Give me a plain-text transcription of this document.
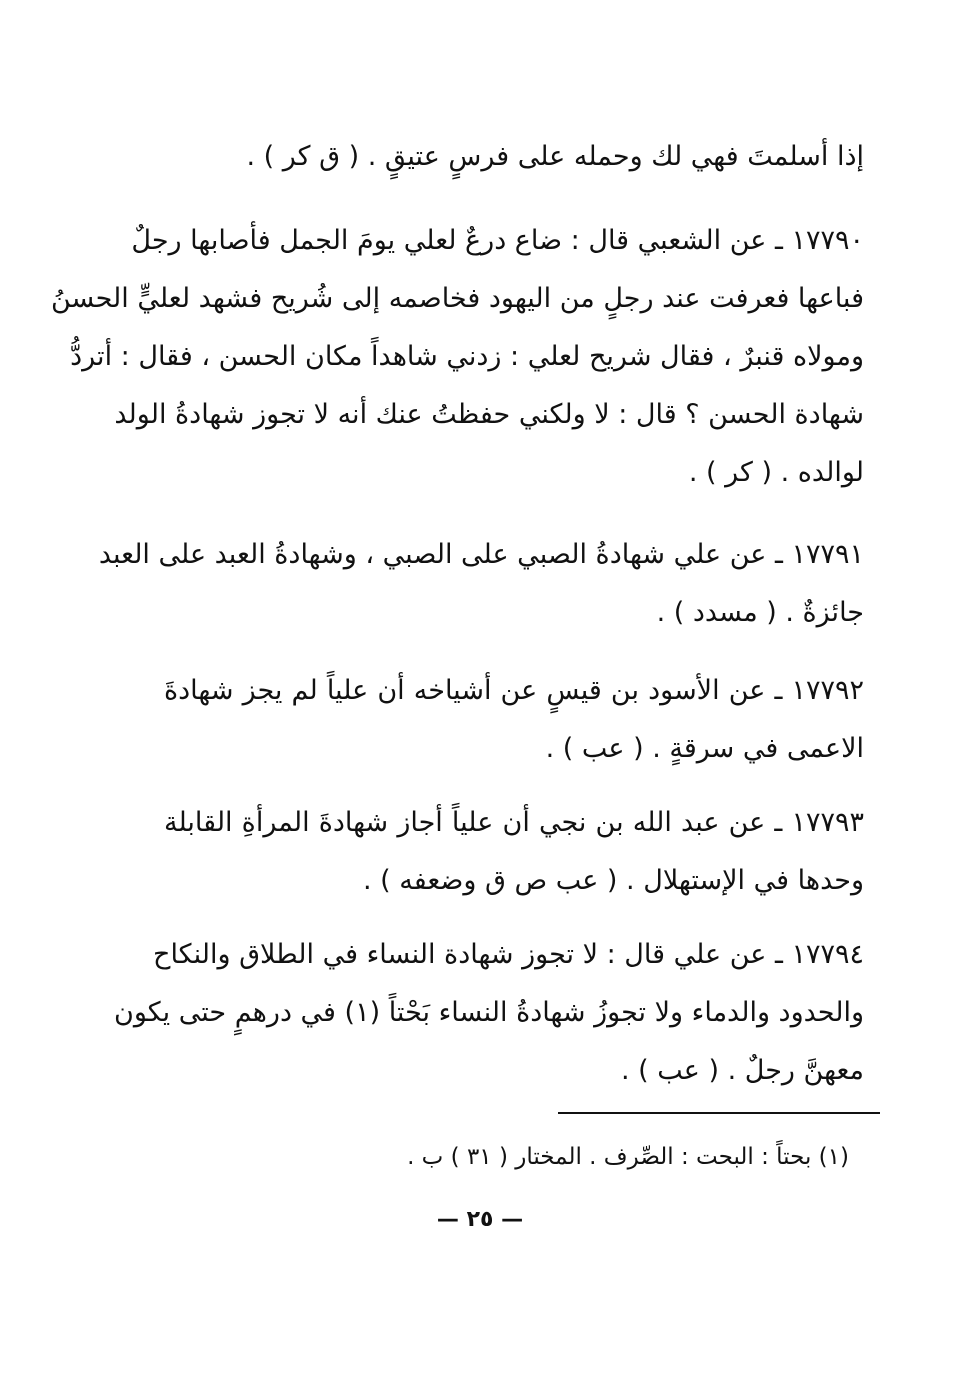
إذا أسلمتَ فهي لك وحمله على فرسٍ عتيقٍ . ( ق كر ) .
١٧٧٩٠ ـ عن الشعبي قال : ضاع درعٌ لعلي يومَ الجمل فأصابها رجلٌ
فباعها فعرفت عند رجلٍ من اليهود فخاصمه إلى شُريح فشهد لعليٍّ الحسنُ
ومولاه قنبرٌ ، فقال شريح لعلي : زدني شاهداً مكان الحسن ، فقال : أتردُّ
شهادة الحسن ؟ قال : لا ولكني حفظتُ عنك أنه لا تجوز شهادةُ الولد
لوالده . ( كر ) .
١٧٧٩١ ـ عن علي شهادةُ الصبي على الصبي ، وشهادةُ العبد على العبد
جائزةٌ . ( مسدد ) .
١٧٧٩٢ ـ عن الأسود بن قيسٍ عن أشياخه أن علياً لم يجز شهادةَ
الاعمى في سرقةٍ . ( عب ) .
١٧٧٩٣ ـ عن عبد الله بن نجي أن علياً أجاز شهادةَ المرأةِ القابلة
وحدها في الإستهلال . ( عب ص ق وضعفه ) .
١٧٧٩٤ ـ عن علي قال : لا تجوز شهادة النساء في الطلاق والنكاح
والحدود والدماء ولا تجوزُ شهادةُ النساء بَحْتاً (١) في درهمٍ حتى يكون
معهنَّ رجلٌ . ( عب ) .
(١) بحتاً : البحت : الصِّرف . المختار ( ٣١ ) ب .
— ٢٥ —
